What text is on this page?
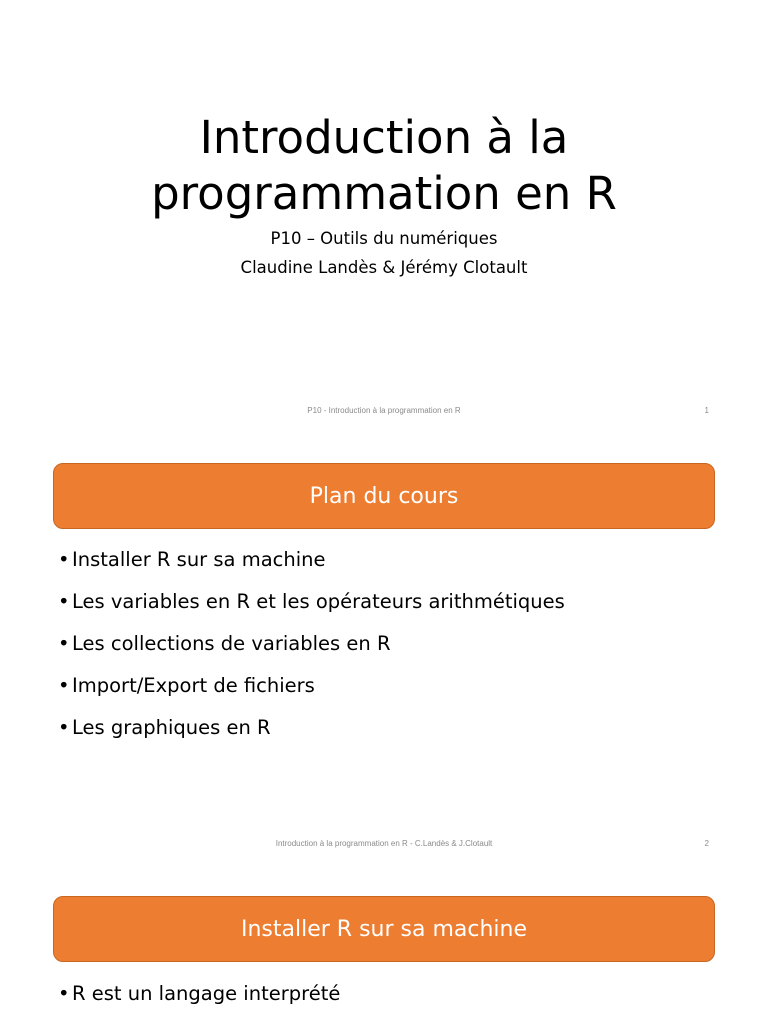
Introduction à la
programmation en R
P10 – Outils du numériques
Claudine Landès & Jérémy Clotault
P10 - Introduction à la programmation en R	1
Plan du cours
• Installer R sur sa machine
• Les variables en R et les opérateurs arithmétiques
• Les collections de variables en R
• Import/Export de fichiers
• Les graphiques en R
Introduction à la programmation en R - C.Landès & J.Clotault	2
Installer R sur sa machine
• R est un langage interprété
